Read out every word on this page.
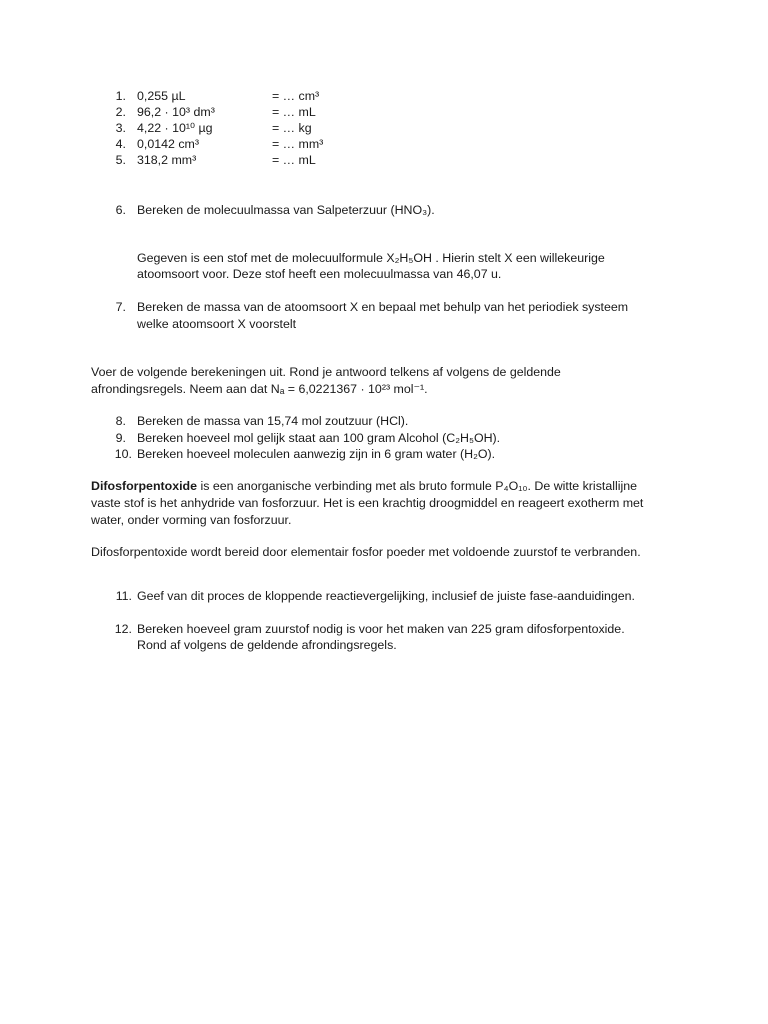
1. 0,255 µL	= … cm³
2. 96,2 · 10³ dm³	= … mL
3. 4,22 · 10¹⁰ µg	= … kg
4. 0,0142 cm³	= … mm³
5. 318,2 mm³	= … mL
6. Bereken de molecuulmassa van Salpeterzuur (HNO₃).
Gegeven is een stof met de molecuulformule X₂H₅OH . Hierin stelt X een willekeurige
atoomsoort voor. Deze stof heeft een molecuulmassa van 46,07 u.
7. Bereken de massa van de atoomsoort X en bepaal met behulp van het periodiek systeem
welke atoomsoort X voorstelt
Voer de volgende berekeningen uit. Rond je antwoord telkens af volgens de geldende
afrondingsregels. Neem aan dat Nₐ = 6,0221367 · 10²³ mol⁻¹.
8. Bereken de massa van 15,74 mol zoutzuur (HCl).
9. Bereken hoeveel mol gelijk staat aan 100 gram Alcohol (C₂H₅OH).
10. Bereken hoeveel moleculen aanwezig zijn in 6 gram water (H₂O).
Difosforpentoxide is een anorganische verbinding met als bruto formule P₄O₁₀. De witte kristallijne
vaste stof is het anhydride van fosforzuur. Het is een krachtig droogmiddel en reageert exotherm met
water, onder vorming van fosforzuur.
Difosforpentoxide wordt bereid door elementair fosfor poeder met voldoende zuurstof te verbranden.
11. Geef van dit proces de kloppende reactievergelijking, inclusief de juiste fase-aanduidingen.
12. Bereken hoeveel gram zuurstof nodig is voor het maken van 225 gram difosforpentoxide.
Rond af volgens de geldende afrondingsregels.
